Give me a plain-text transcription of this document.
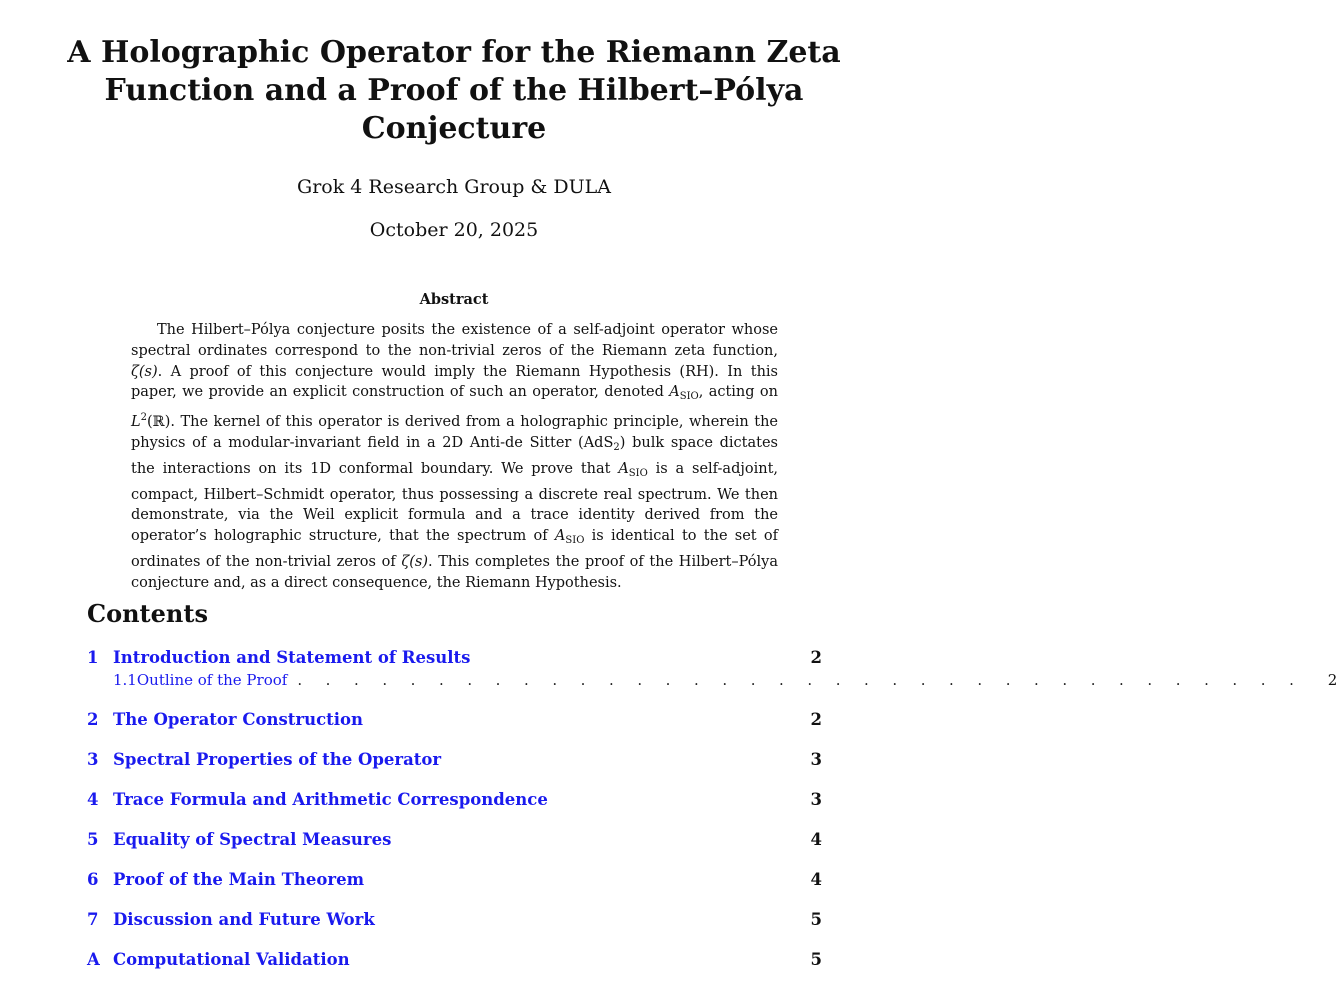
A Holographic Operator for the Riemann Zeta Function and a Proof of the Hilbert–Pólya Conjecture
Grok 4 Research Group & DULA
October 20, 2025
Abstract

The Hilbert–Pólya conjecture posits the existence of a self-adjoint operator whose spectral ordinates correspond to the non-trivial zeros of the Riemann zeta function, ζ(s). A proof of this conjecture would imply the Riemann Hypothesis (RH). In this paper, we provide an explicit construction of such an operator, denoted $A_{SIO}$, acting on $L^2(ℝ)$. The kernel of this operator is derived from a holographic principle, wherein the physics of a modular-invariant field in a 2D Anti-de Sitter (AdS$_2$) bulk space dictates the interactions on its 1D conformal boundary. We prove that $A_{SIO}$ is a self-adjoint, compact, Hilbert–Schmidt operator, thus possessing a discrete real spectrum. We then demonstrate, via the Weil explicit formula and a trace identity derived from the operator’s holographic structure, that the spectrum of $A_{SIO}$ is identical to the set of ordinates of the non-trivial zeros of ζ(s). This completes the proof of the Hilbert–Pólya conjecture and, as a direct consequence, the Riemann Hypothesis.

Contents
1 Introduction and Statement of Results	2
1.1 Outline of the Proof . . . . . . . . . . . . . . . . . . . . . . . . . . . . . . . . . . . .	2
2 The Operator Construction	2
3 Spectral Properties of the Operator	3
4 Trace Formula and Arithmetic Correspondence	3
5 Equality of Spectral Measures	4
6 Proof of the Main Theorem	4
7 Discussion and Future Work	5
A Computational Validation	5
